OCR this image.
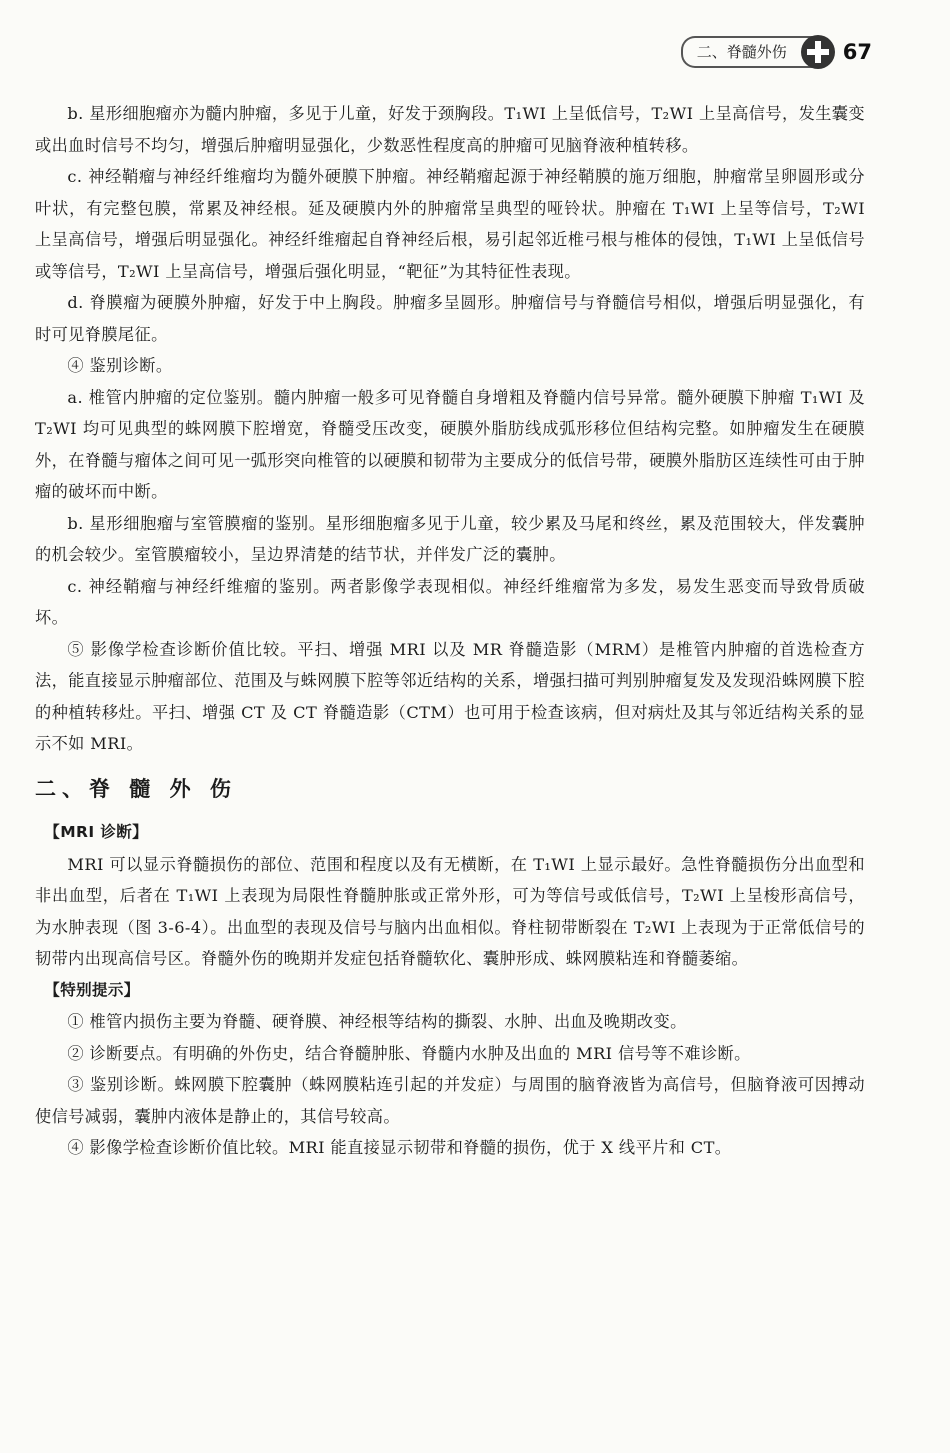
二、脊髓外伤	67

b. 星形细胞瘤亦为髓内肿瘤，多见于儿童，好发于颈胸段。T₁WI 上呈低信号，T₂WI 上呈高信号，发生囊变或出血时信号不均匀，增强后肿瘤明显强化，少数恶性程度高的肿瘤可见脑脊液种植转移。

c. 神经鞘瘤与神经纤维瘤均为髓外硬膜下肿瘤。神经鞘瘤起源于神经鞘膜的施万细胞，肿瘤常呈卵圆形或分叶状，有完整包膜，常累及神经根。延及硬膜内外的肿瘤常呈典型的哑铃状。肿瘤在 T₁WI 上呈等信号，T₂WI 上呈高信号，增强后明显强化。神经纤维瘤起自脊神经后根，易引起邻近椎弓根与椎体的侵蚀，T₁WI 上呈低信号或等信号，T₂WI 上呈高信号，增强后强化明显，“靶征”为其特征性表现。

d. 脊膜瘤为硬膜外肿瘤，好发于中上胸段。肿瘤多呈圆形。肿瘤信号与脊髓信号相似，增强后明显强化，有时可见脊膜尾征。

④ 鉴别诊断。

a. 椎管内肿瘤的定位鉴别。髓内肿瘤一般多可见脊髓自身增粗及脊髓内信号异常。髓外硬膜下肿瘤 T₁WI 及 T₂WI 均可见典型的蛛网膜下腔增宽，脊髓受压改变，硬膜外脂肪线成弧形移位但结构完整。如肿瘤发生在硬膜外，在脊髓与瘤体之间可见一弧形突向椎管的以硬膜和韧带为主要成分的低信号带，硬膜外脂肪区连续性可由于肿瘤的破坏而中断。

b. 星形细胞瘤与室管膜瘤的鉴别。星形细胞瘤多见于儿童，较少累及马尾和终丝，累及范围较大，伴发囊肿的机会较少。室管膜瘤较小，呈边界清楚的结节状，并伴发广泛的囊肿。

c. 神经鞘瘤与神经纤维瘤的鉴别。两者影像学表现相似。神经纤维瘤常为多发，易发生恶变而导致骨质破坏。

⑤ 影像学检查诊断价值比较。平扫、增强 MRI 以及 MR 脊髓造影（MRM）是椎管内肿瘤的首选检查方法，能直接显示肿瘤部位、范围及与蛛网膜下腔等邻近结构的关系，增强扫描可判别肿瘤复发及发现沿蛛网膜下腔的种植转移灶。平扫、增强 CT 及 CT 脊髓造影（CTM）也可用于检查该病，但对病灶及其与邻近结构关系的显示不如 MRI。

二、脊 髓 外 伤

【MRI 诊断】

MRI 可以显示脊髓损伤的部位、范围和程度以及有无横断，在 T₁WI 上显示最好。急性脊髓损伤分出血型和非出血型，后者在 T₁WI 上表现为局限性脊髓肿胀或正常外形，可为等信号或低信号，T₂WI 上呈梭形高信号，为水肿表现（图 3-6-4）。出血型的表现及信号与脑内出血相似。脊柱韧带断裂在 T₂WI 上表现为于正常低信号的韧带内出现高信号区。脊髓外伤的晚期并发症包括脊髓软化、囊肿形成、蛛网膜粘连和脊髓萎缩。

【特别提示】

① 椎管内损伤主要为脊髓、硬脊膜、神经根等结构的撕裂、水肿、出血及晚期改变。

② 诊断要点。有明确的外伤史，结合脊髓肿胀、脊髓内水肿及出血的 MRI 信号等不难诊断。

③ 鉴别诊断。蛛网膜下腔囊肿（蛛网膜粘连引起的并发症）与周围的脑脊液皆为高信号，但脑脊液可因搏动使信号减弱，囊肿内液体是静止的，其信号较高。

④ 影像学检查诊断价值比较。MRI 能直接显示韧带和脊髓的损伤，优于 X 线平片和 CT。
